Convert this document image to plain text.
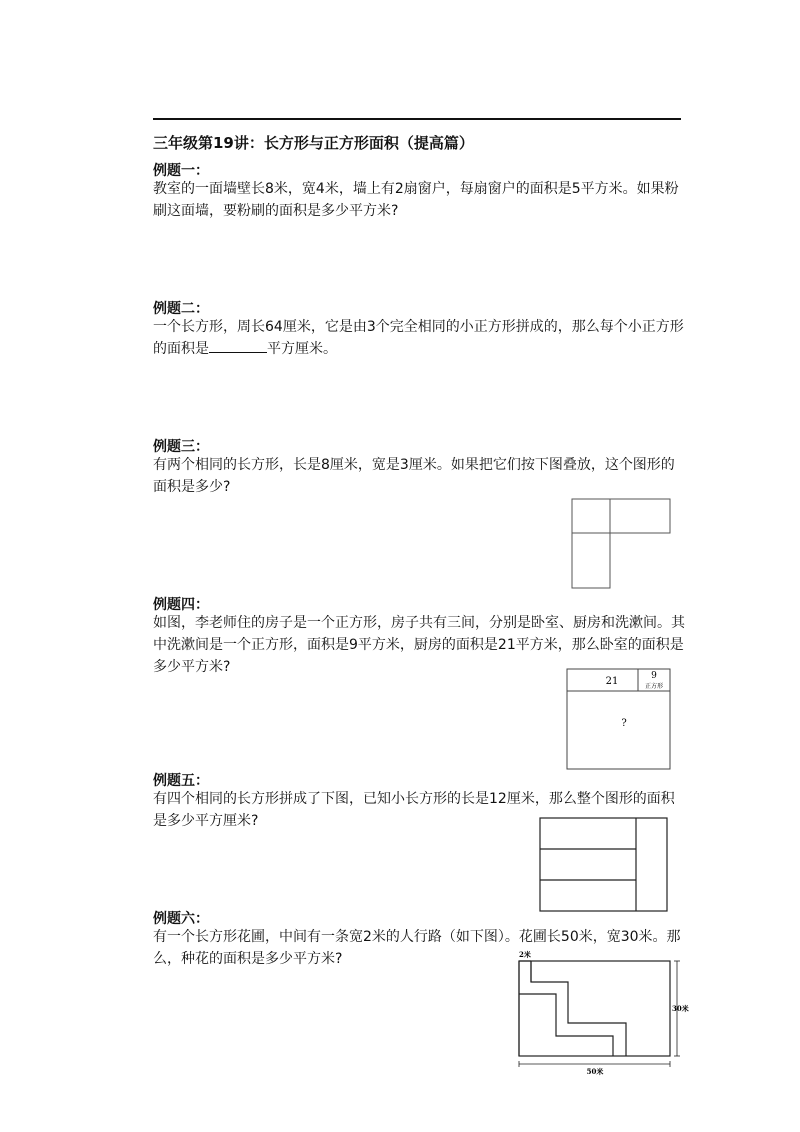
三年级第19讲：长方形与正方形面积（提高篇）
例题一：
教室的一面墙壁长8米，宽4米，墙上有2扇窗户，每扇窗户的面积是5平方米。如果粉
刷这面墙，要粉刷的面积是多少平方米?
例题二：
一个长方形，周长64厘米，它是由3个完全相同的小正方形拼成的，那么每个小正方形
的面积是	平方厘米。
例题三：
有两个相同的长方形，长是8厘米，宽是3厘米。如果把它们按下图叠放，这个图形的
面积是多少?
例题四：
如图，李老师住的房子是一个正方形，房子共有三间，分别是卧室、厨房和洗漱间。其
中洗漱间是一个正方形，面积是9平方米，厨房的面积是21平方米，那么卧室的面积是
多少平方米?
21	9
正方形
?
例题五：
有四个相同的长方形拼成了下图，已知小长方形的长是12厘米，那么整个图形的面积
是多少平方厘米?
例题六：
有一个长方形花圃，中间有一条宽2米的人行路（如下图）。花圃长50米，宽30米。那
么，种花的面积是多少平方米?	2米
30米
50米
